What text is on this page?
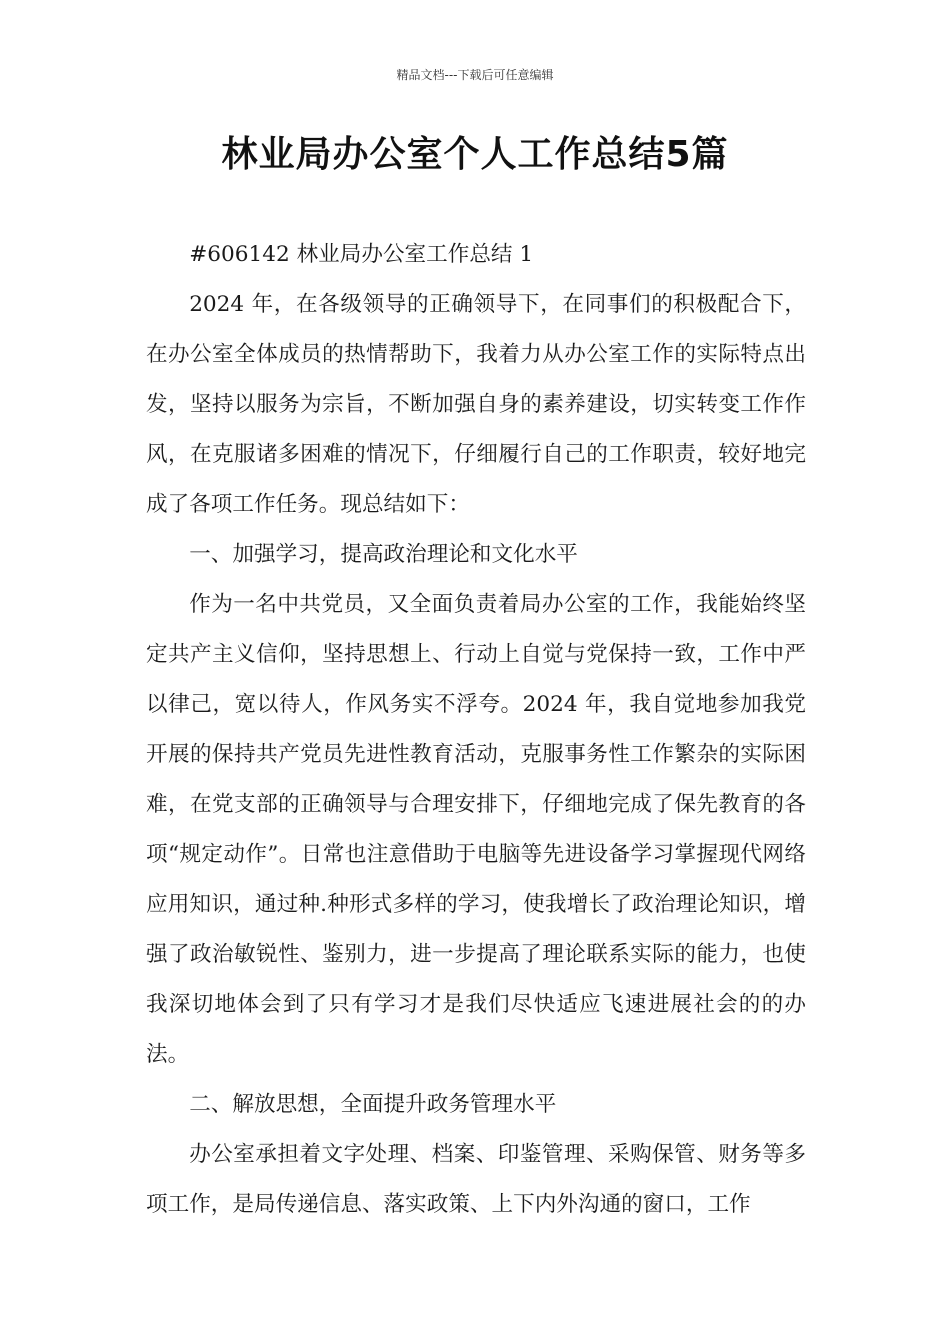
精品文档---下载后可任意编辑
林业局办公室个人工作总结5篇

#606142 林业局办公室工作总结 1

2024 年，在各级领导的正确领导下，在同事们的积极配合下，在办公室全体成员的热情帮助下，我着力从办公室工作的实际特点出发，坚持以服务为宗旨，不断加强自身的素养建设，切实转变工作作风，在克服诸多困难的情况下，仔细履行自己的工作职责，较好地完成了各项工作任务。现总结如下：

一、加强学习，提高政治理论和文化水平

作为一名中共党员，又全面负责着局办公室的工作，我能始终坚定共产主义信仰，坚持思想上、行动上自觉与党保持一致，工作中严以律己，宽以待人，作风务实不浮夸。2024 年，我自觉地参加我党开展的保持共产党员先进性教育活动，克服事务性工作繁杂的实际困难，在党支部的正确领导与合理安排下，仔细地完成了保先教育的各项“规定动作”。日常也注意借助于电脑等先进设备学习掌握现代网络应用知识，通过种.种形式多样的学习，使我增长了政治理论知识，增强了政治敏锐性、鉴别力，进一步提高了理论联系实际的能力，也使我深切地体会到了只有学习才是我们尽快适应飞速进展社会的的办法。

二、解放思想，全面提升政务管理水平

办公室承担着文字处理、档案、印鉴管理、采购保管、财务等多项工作，是局传递信息、落实政策、上下内外沟通的窗口，工作
